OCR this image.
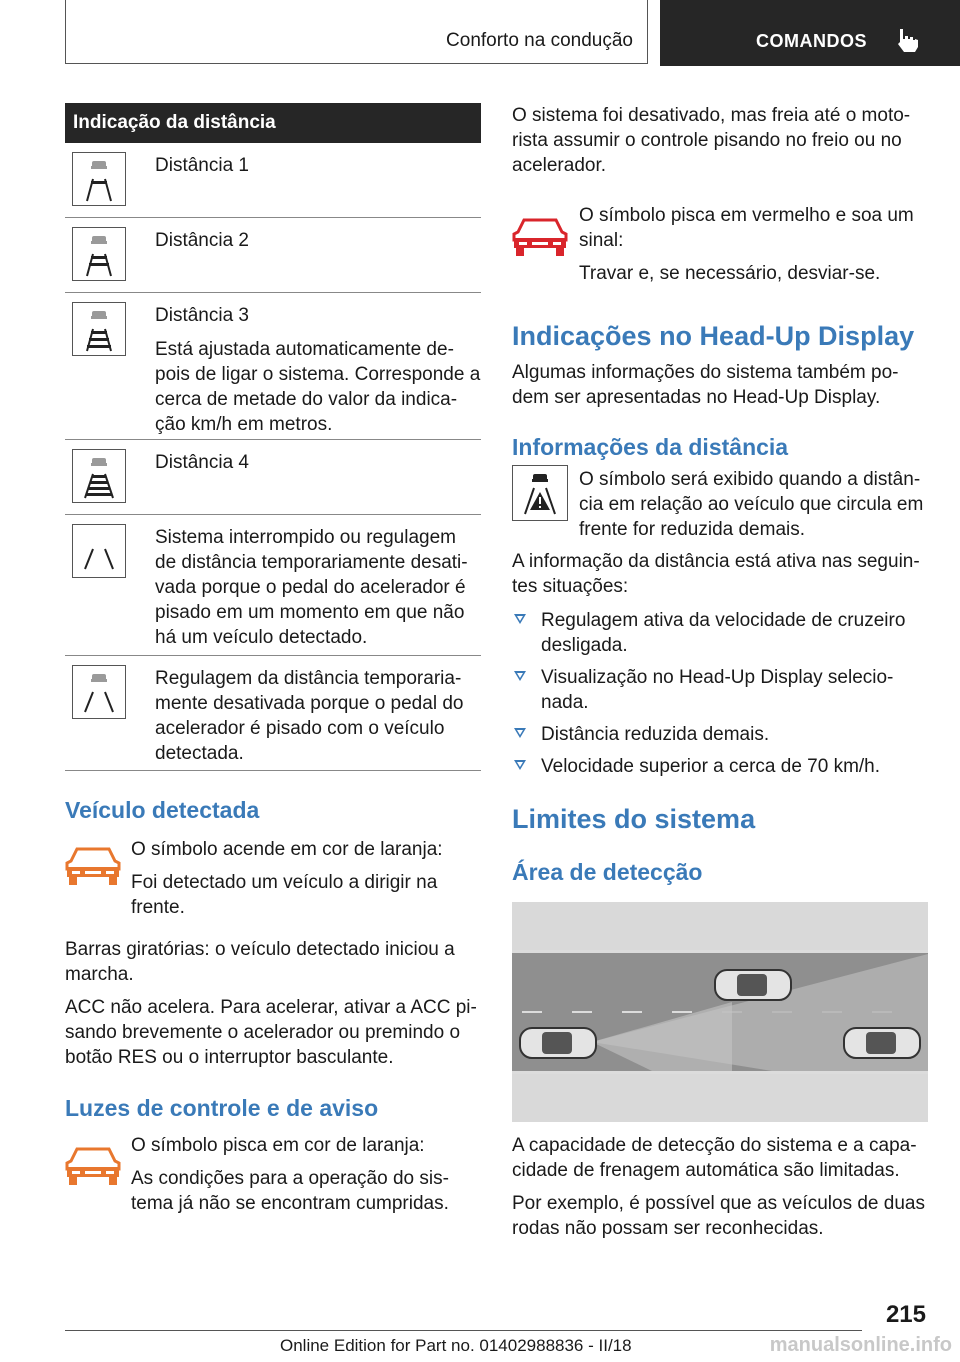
Conforto na condução	COMANDOS
Indicação da distância

Distância 1

Distância 2

Distância 3

Está ajustada automaticamente de-pois de ligar o sistema. Corresponde a cerca de metade do valor da indica-ção km/h em metros.

Distância 4

Sistema interrompido ou regulagem de distância temporariamente desati-vada porque o pedal do acelerador é pisado em um momento em que não há um veículo detectado.

Regulagem da distância temporaria-mente desativada porque o pedal do acelerador é pisado com o veículo detectada.

Veículo detectada

O símbolo acende em cor de laranja:

Foi detectado um veículo a dirigir na frente.

Barras giratórias: o veículo detectado iniciou a marcha.

ACC não acelera. Para acelerar, ativar a ACC pi-sando brevemente o acelerador ou premindo o botão RES ou o interruptor basculante.

Luzes de controle e de aviso

O símbolo pisca em cor de laranja:

As condições para a operação do sis-tema já não se encontram cumpridas.

O sistema foi desativado, mas freia até o moto-rista assumir o controle pisando no freio ou no acelerador.

O símbolo pisca em vermelho e soa um sinal:

Travar e, se necessário, desviar-se.

Indicações no Head-Up Display

Algumas informações do sistema também po-dem ser apresentadas no Head-Up Display.

Informações da distância

O símbolo será exibido quando a distân-cia em relação ao veículo que circula em frente for reduzida demais.

A informação da distância está ativa nas seguin-tes situações:

Regulagem ativa da velocidade de cruzeiro desligada.
Visualização no Head-Up Display selecio-nada.
Distância reduzida demais.
Velocidade superior a cerca de 70 km/h.
Limites do sistema
Área de detecção

A capacidade de detecção do sistema e a capa-cidade de frenagem automática são limitadas.

Por exemplo, é possível que as veículos de duas rodas não possam ser reconhecidas.

215
Online Edition for Part no. 01402988836 - II/18	manualsonline.info
